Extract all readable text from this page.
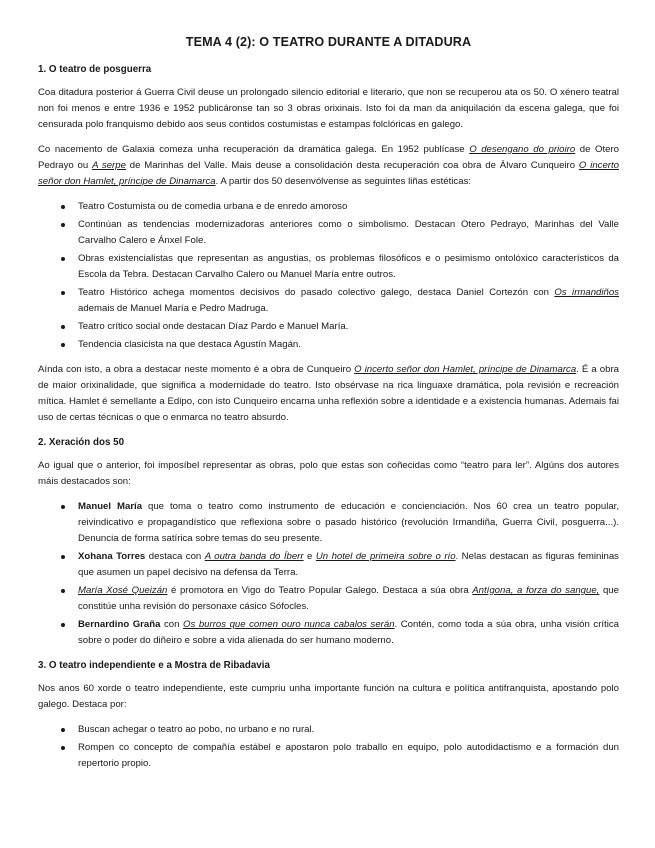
TEMA 4 (2): O TEATRO DURANTE A DITADURA
1. O teatro de posguerra

Coa ditadura posterior á Guerra Civil deuse un prolongado silencio editorial e literario, que non se recuperou ata os 50. O xénero teatral non foi menos e entre 1936 e 1952 publicáronse tan so 3 obras orixinais. Isto foi da man da aniquilación da escena galega, que foi censurada polo franquismo debido aos seus contidos costumistas e estampas folclóricas en galego.

Co nacemento de Galaxia comeza unha recuperación da dramática galega. En 1952 publícase O desengano do prioiro de Otero Pedrayo ou A serpe de Marinhas del Valle. Mais deuse a consolidación desta recuperación coa obra de Álvaro Cunqueiro O incerto señor don Hamlet, príncipe de Dinamarca. A partir dos 50 desenvólvense as seguintes liñas estéticas:

Teatro Costumista ou de comedia urbana e de enredo amoroso
Continúan as tendencias modernizadoras anteriores como o simbolismo. Destacan Otero Pedrayo, Marinhas del Valle Carvalho Calero e Ánxel Fole.
Obras existencialistas que representan as angustias, os problemas filosóficos e o pesimismo ontolóxico característicos da Escola da Tebra. Destacan Carvalho Calero ou Manuel María entre outros.
Teatro Histórico achega momentos decisivos do pasado colectivo galego, destaca Daniel Cortezón con Os irmandiños ademais de Manuel María e Pedro Madruga.
Teatro crítico social onde destacan Díaz Pardo e Manuel María.
Tendencia clasicista na que destaca Agustín Magán.

Aínda con isto, a obra a destacar neste momento é a obra de Cunqueiro O incerto señor don Hamlet, príncipe de Dinamarca. É a obra de maior orixinalidade, que significa a modernidade do teatro. Isto obsérvase na rica linguaxe dramática, pola revisión e recreación mítica. Hamlet é semellante a Edipo, con isto Cunqueiro encarna unha reflexión sobre a identidade e a existencia humanas. Ademais fai uso de certas técnicas o que o enmarca no teatro absurdo.

2. Xeración dos 50

Ao igual que o anterior, foi imposíbel representar as obras, polo que estas son coñecidas como “teatro para ler”. Algúns dos autores máis destacados son:

Manuel María que toma o teatro como instrumento de educación e concienciación. Nos 60 crea un teatro popular, reivindicativo e propagandístico que reflexiona sobre o pasado histórico (revolución Irmandiña, Guerra Civil, posguerra...). Denuncia de forma satírica sobre temas do seu presente.
Xohana Torres destaca con A outra banda do Íberr e Un hotel de primeira sobre o río. Nelas destacan as figuras femininas que asumen un papel decisivo na defensa da Terra.
María Xosé Queizán é promotora en Vigo do Teatro Popular Galego. Destaca a súa obra Antígona, a forza do sangue, que constitúe unha revisión do personaxe cásico Sófocles.
Bernardino Graña con Os burros que comen ouro nunca cabalos serán. Contén, como toda a súa obra, unha visión crítica sobre o poder do diñeiro e sobre a vida alienada do ser humano moderno.
3. O teatro independiente e a Mostra de Ribadavia

Nos anos 60 xorde o teatro independiente, este cumpriu unha importante función na cultura e política antifranquista, apostando polo galego. Destaca por:

Buscan achegar o teatro ao pobo, no urbano e no rural.
Rompen co concepto de compañía estábel e apostaron polo traballo en equipo, polo autodidactismo e a formación dun repertorio propio.
